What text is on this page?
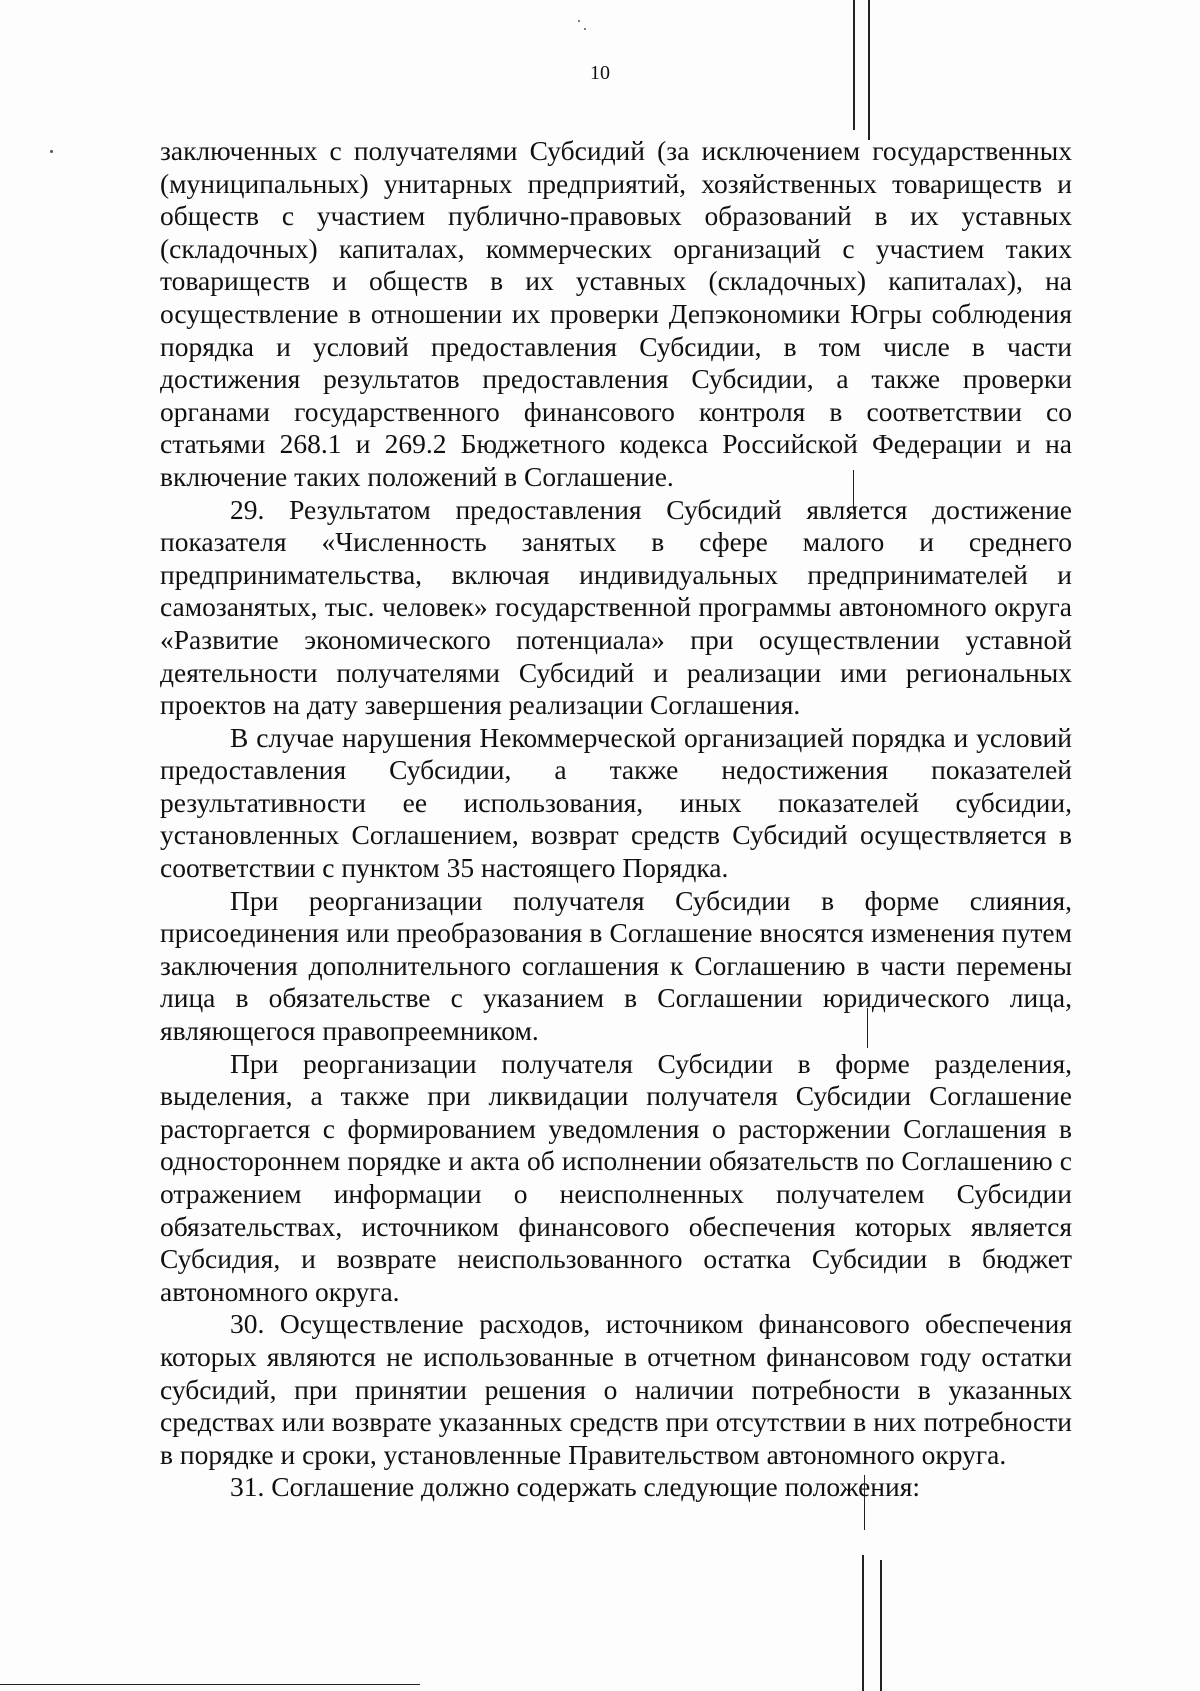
10

заключенных с получателями Субсидий (за исключением государственных (муниципальных) унитарных предприятий, хозяйственных товариществ и обществ с участием публично-правовых образований в их уставных (складочных) капиталах, коммерческих организаций с участием таких товариществ и обществ в их уставных (складочных) капиталах), на осуществление в отношении их проверки Депэкономики Югры соблюдения порядка и условий предоставления Субсидии, в том числе в части достижения результатов предоставления Субсидии, а также проверки органами государственного финансового контроля в соответствии со статьями 268.1 и 269.2 Бюджетного кодекса Российской Федерации и на включение таких положений в Соглашение.

29. Результатом предоставления Субсидий является достижение показателя «Численность занятых в сфере малого и среднего предпринимательства, включая индивидуальных предпринимателей и самозанятых, тыс. человек» государственной программы автономного округа «Развитие экономического потенциала» при осуществлении уставной деятельности получателями Субсидий и реализации ими региональных проектов на дату завершения реализации Соглашения.

В случае нарушения Некоммерческой организацией порядка и условий предоставления Субсидии, а также недостижения показателей результативности ее использования, иных показателей субсидии, установленных Соглашением, возврат средств Субсидий осуществляется в соответствии с пунктом 35 настоящего Порядка.

При реорганизации получателя Субсидии в форме слияния, присоединения или преобразования в Соглашение вносятся изменения путем заключения дополнительного соглашения к Соглашению в части перемены лица в обязательстве с указанием в Соглашении юридического лица, являющегося правопреемником.

При реорганизации получателя Субсидии в форме разделения, выделения, а также при ликвидации получателя Субсидии Соглашение расторгается с формированием уведомления о расторжении Соглашения в одностороннем порядке и акта об исполнении обязательств по Соглашению с отражением информации о неисполненных получателем Субсидии обязательствах, источником финансового обеспечения которых является Субсидия, и возврате неиспользованного остатка Субсидии в бюджет автономного округа.

30. Осуществление расходов, источником финансового обеспечения которых являются не использованные в отчетном финансовом году остатки субсидий, при принятии решения о наличии потребности в указанных средствах или возврате указанных средств при отсутствии в них потребности в порядке и сроки, установленные Правительством автономного округа.

31. Соглашение должно содержать следующие положения:
